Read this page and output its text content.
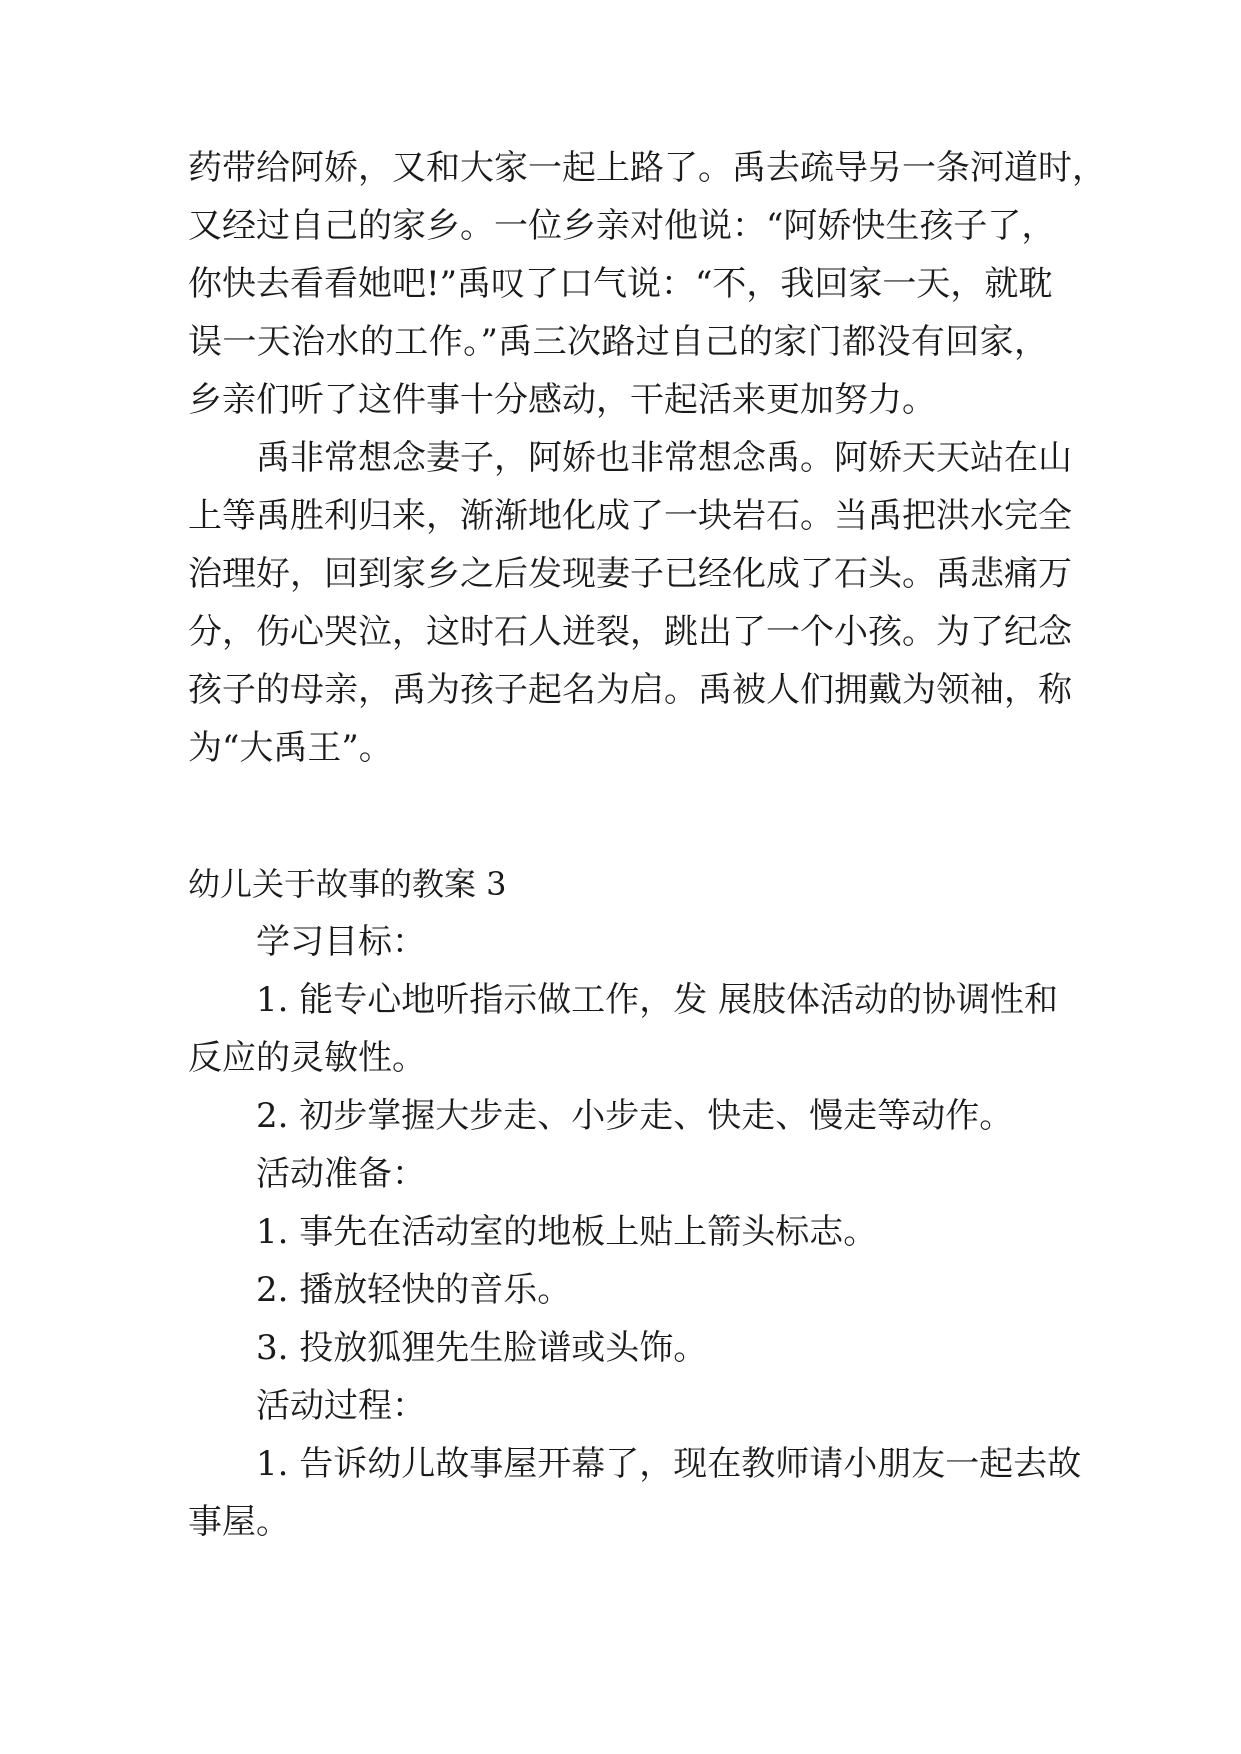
药带给阿娇，又和大家一起上路了。禹去疏导另一条河道时，
又经过自己的家乡。一位乡亲对他说：“阿娇快生孩子了，
你快去看看她吧!”禹叹了口气说：“不，我回家一天，就耽
误一天治水的工作。”禹三次路过自己的家门都没有回家，
乡亲们听了这件事十分感动，干起活来更加努力。
禹非常想念妻子，阿娇也非常想念禹。阿娇天天站在山
上等禹胜利归来，渐渐地化成了一块岩石。当禹把洪水完全
治理好，回到家乡之后发现妻子已经化成了石头。禹悲痛万
分，伤心哭泣，这时石人迸裂，跳出了一个小孩。为了纪念
孩子的母亲，禹为孩子起名为启。禹被人们拥戴为领袖，称
为“大禹王”。
幼儿关于故事的教案 3
学习目标：
1. 能专心地听指示做工作，发 展肢体活动的协调性和
反应的灵敏性。
2. 初步掌握大步走、小步走、快走、慢走等动作。
活动准备：
1. 事先在活动室的地板上贴上箭头标志。
2. 播放轻快的音乐。
3. 投放狐狸先生脸谱或头饰。
活动过程：
1. 告诉幼儿故事屋开幕了，现在教师请小朋友一起去故
事屋。
